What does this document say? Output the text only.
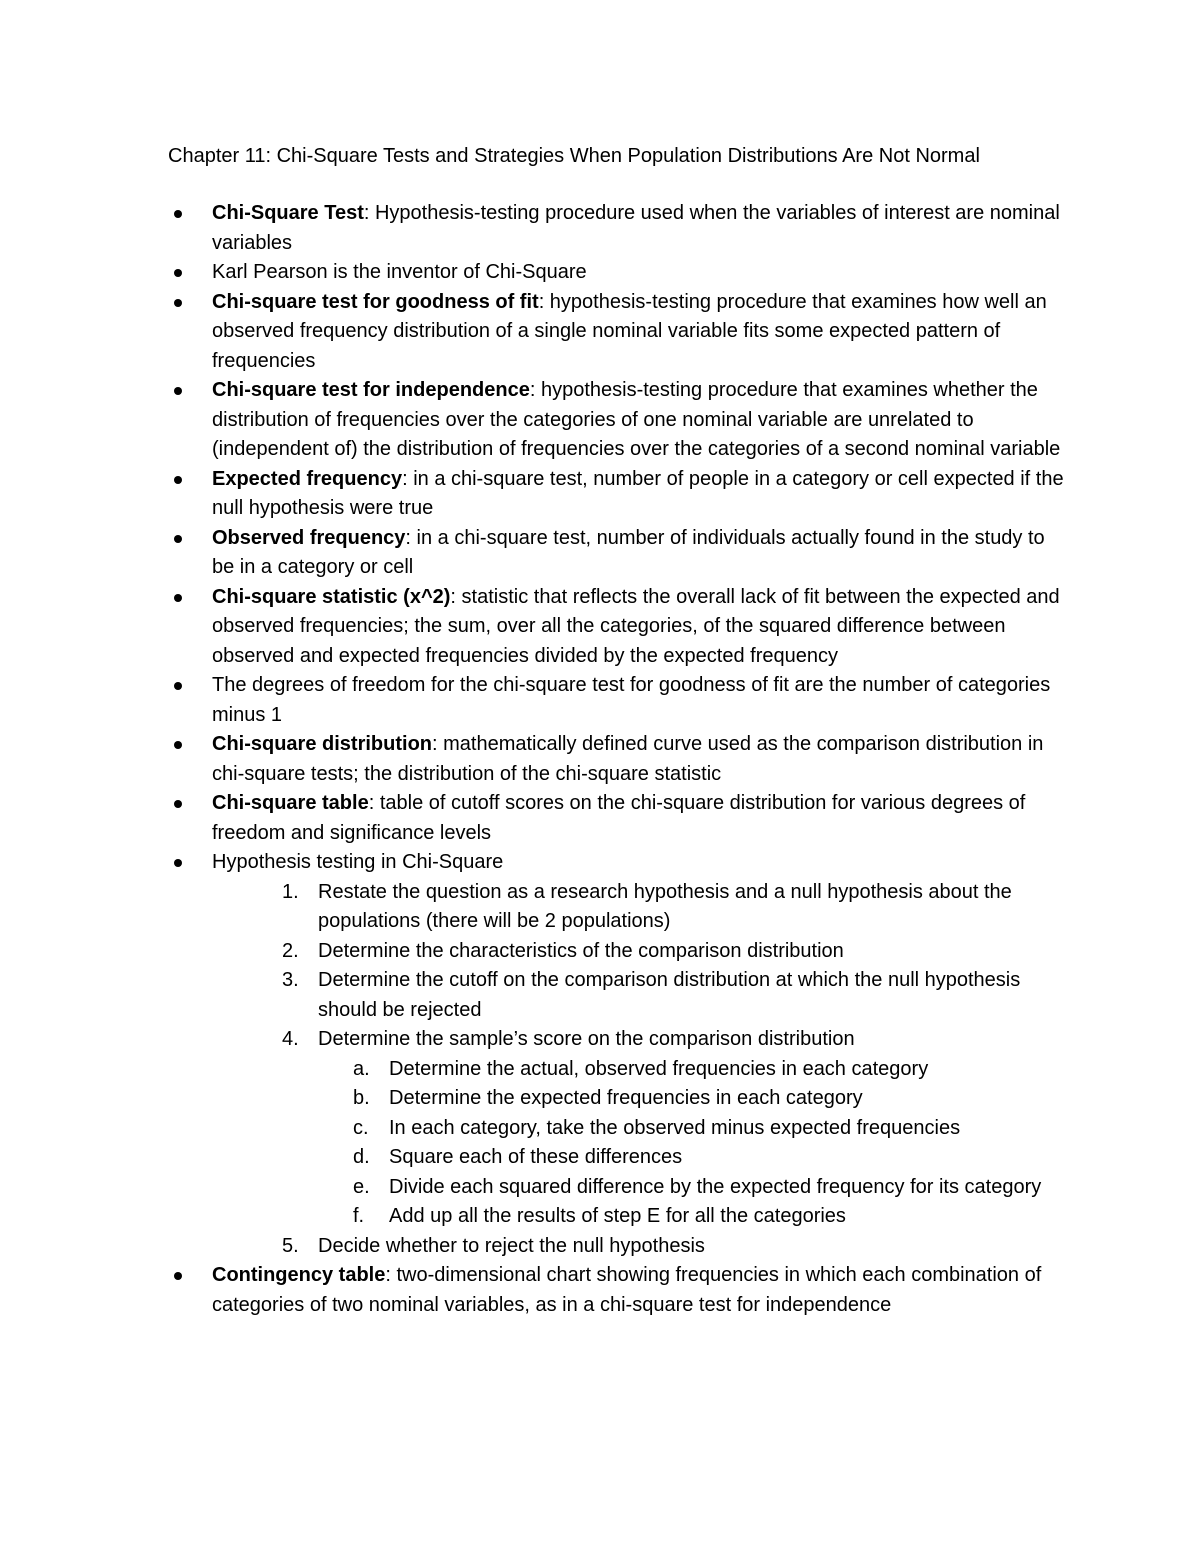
Chapter 11: Chi-Square Tests and Strategies When Population Distributions Are Not Normal
Chi-Square Test: Hypothesis-testing procedure used when the variables of interest are nominal variables
Karl Pearson is the inventor of Chi-Square
Chi-square test for goodness of fit: hypothesis-testing procedure that examines how well an observed frequency distribution of a single nominal variable fits some expected pattern of frequencies
Chi-square test for independence: hypothesis-testing procedure that examines whether the distribution of frequencies over the categories of one nominal variable are unrelated to (independent of) the distribution of frequencies over the categories of a second nominal variable
Expected frequency: in a chi-square test, number of people in a category or cell expected if the null hypothesis were true
Observed frequency: in a chi-square test, number of individuals actually found in the study to be in a category or cell
Chi-square statistic (x^2): statistic that reflects the overall lack of fit between the expected and observed frequencies; the sum, over all the categories, of the squared difference between observed and expected frequencies divided by the expected frequency
The degrees of freedom for the chi-square test for goodness of fit are the number of categories minus 1
Chi-square distribution: mathematically defined curve used as the comparison distribution in chi-square tests; the distribution of the chi-square statistic
Chi-square table: table of cutoff scores on the chi-square distribution for various degrees of freedom and significance levels
Hypothesis testing in Chi-Square
1. Restate the question as a research hypothesis and a null hypothesis about the populations (there will be 2 populations)
2. Determine the characteristics of the comparison distribution
3. Determine the cutoff on the comparison distribution at which the null hypothesis should be rejected
4. Determine the sample’s score on the comparison distribution
a. Determine the actual, observed frequencies in each category
b. Determine the expected frequencies in each category
c. In each category, take the observed minus expected frequencies
d. Square each of these differences
e. Divide each squared difference by the expected frequency for its category
f. Add up all the results of step E for all the categories
5. Decide whether to reject the null hypothesis
Contingency table: two-dimensional chart showing frequencies in which each combination of categories of two nominal variables, as in a chi-square test for independence
